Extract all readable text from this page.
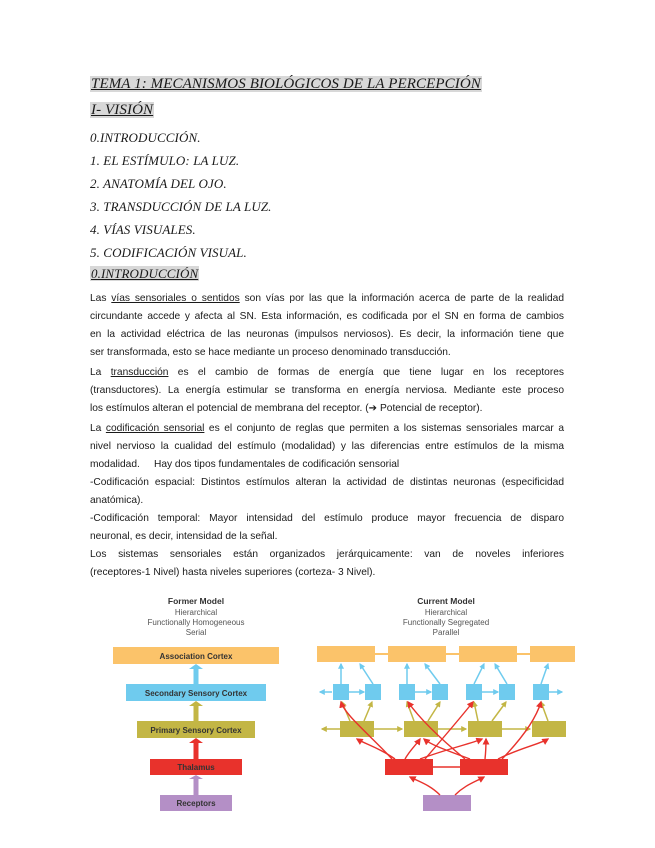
TEMA 1: MECANISMOS BIOLÓGICOS DE LA PERCEPCIÓN
I- VISIÓN
0.INTRODUCCIÓN.
1. EL ESTÍMULO: LA LUZ.
2. ANATOMÍA DEL OJO.
3. TRANSDUCCIÓN DE LA LUZ.
4. VÍAS VISUALES.
5. CODIFICACIÓN VISUAL.
0.INTRODUCCIÓN
Las vías sensoriales o sentidos son vías por las que la información acerca de parte de la realidad
circundante accede y afecta al SN. Esta información, es codificada por el SN en forma de cambios
en la actividad eléctrica de las neuronas (impulsos nerviosos). Es decir, la información tiene que
ser transformada, esto se hace mediante un proceso denominado transducción.
La transducción es el cambio de formas de energía que tiene lugar en los receptores
(transductores). La energía estimular se transforma en energía nerviosa. Mediante este proceso
los estímulos alteran el potencial de membrana del receptor. (➔ Potencial de receptor).
La codificación sensorial es el conjunto de reglas que permiten a los sistemas sensoriales marcar a
nivel nervioso la cualidad del estímulo (modalidad) y las diferencias entre estímulos de la misma
modalidad.     Hay dos tipos fundamentales de codificación sensorial
-Codificación espacial: Distintos estímulos alteran la actividad de distintas neuronas (especificidad
anatómica).
-Codificación temporal: Mayor intensidad del estímulo produce mayor frecuencia de disparo
neuronal, es decir, intensidad de la señal.
Los sistemas sensoriales están organizados jerárquicamente: van de noveles inferiores
(receptores-1 Nivel) hasta niveles superiores (corteza- 3 Nivel).
Former Model
Hierarchical
Functionally Homogeneous
Serial
Association Cortex
Secondary Sensory Cortex
Primary Sensory Cortex
Thalamus
Receptors
Current Model
Hierarchical
Functionally Segregated
Parallel
